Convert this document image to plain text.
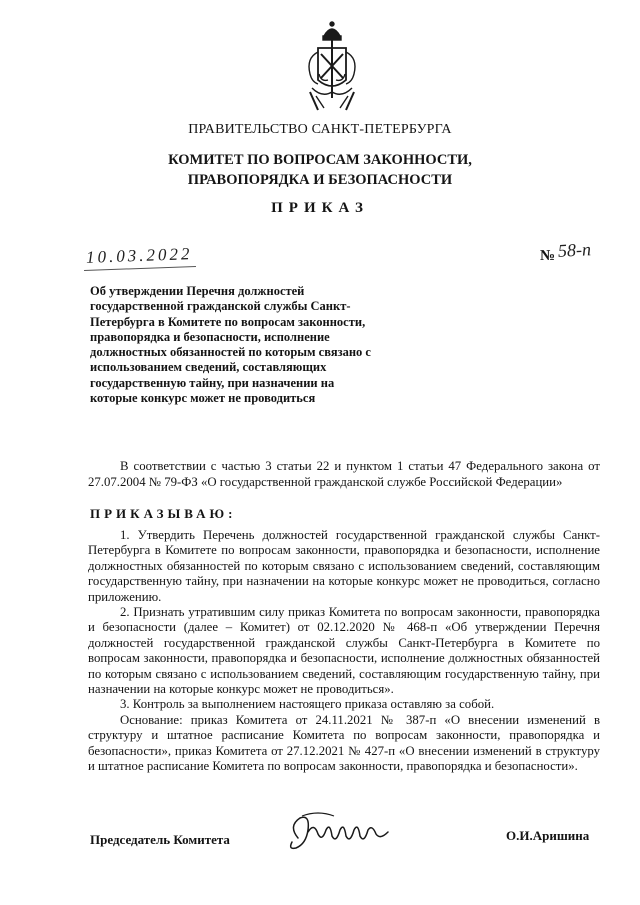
ПРАВИТЕЛЬСТВО САНКТ-ПЕТЕРБУРГА
КОМИТЕТ ПО ВОПРОСАМ ЗАКОННОСТИ,
ПРАВОПОРЯДКА И БЕЗОПАСНОСТИ
ПРИКАЗ
10.03.2022	№ 58-п

Об утверждении Перечня должностей государственной гражданской службы Санкт-Петербурга в Комитете по вопросам законности, правопорядка и безопасности, исполнение должностных обязанностей по которым связано с использованием сведений, составляющих государственную тайну, при назначении на которые конкурс может не проводиться

В соответствии с частью 3 статьи 22 и пунктом 1 статьи 47 Федерального закона от 27.07.2004 № 79-ФЗ «О государственной гражданской службе Российской Федерации»

ПРИКАЗЫВАЮ:

1. Утвердить Перечень должностей государственной гражданской службы Санкт-Петербурга в Комитете по вопросам законности, правопорядка и безопасности, исполнение должностных обязанностей по которым связано с использованием сведений, составляющим государственную тайну, при назначении на которые конкурс может не проводиться, согласно приложению.

2. Признать утратившим силу приказ Комитета по вопросам законности, правопорядка и безопасности (далее – Комитет) от 02.12.2020 № 468-п «Об утверждении Перечня должностей государственной гражданской службы Санкт-Петербурга в Комитете по вопросам законности, правопорядка и безопасности, исполнение должностных обязанностей по которым связано с использованием сведений, составляющим государственную тайну, при назначении на которые конкурс может не проводиться».

3. Контроль за выполнением настоящего приказа оставляю за собой.

Основание: приказ Комитета от 24.11.2021 № 387-п «О внесении изменений в структуру и штатное расписание Комитета по вопросам законности, правопорядка и безопасности», приказ Комитета от 27.12.2021 № 427-п «О внесении изменений в структуру и штатное расписание Комитета по вопросам законности, правопорядка и безопасности».

Председатель Комитета	О.И.Аришина
